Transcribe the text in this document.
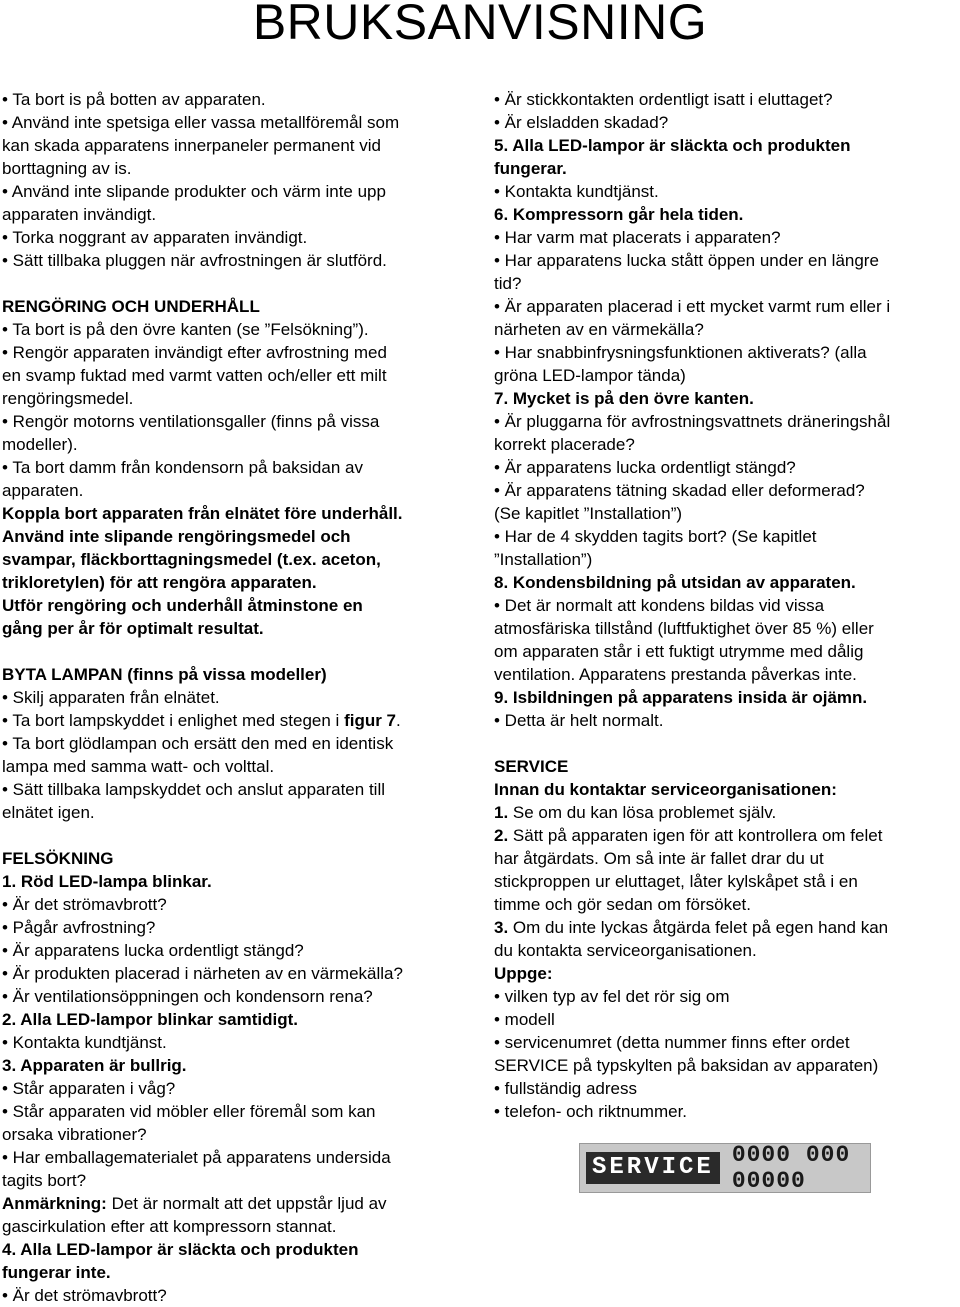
BRUKSANVISNING
• Ta bort is på botten av apparaten.
• Använd inte spetsiga eller vassa metallföremål som
kan skada apparatens innerpaneler permanent vid
borttagning av is.
• Använd inte slipande produkter och värm inte upp
apparaten invändigt.
• Torka noggrant av apparaten invändigt.
• Sätt tillbaka pluggen när avfrostningen är slutförd.
RENGÖRING OCH UNDERHÅLL
• Ta bort is på den övre kanten (se ”Felsökning”).
• Rengör apparaten invändigt efter avfrostning med
en svamp fuktad med varmt vatten och/eller ett milt
rengöringsmedel.
• Rengör motorns ventilationsgaller (finns på vissa
modeller).
• Ta bort damm från kondensorn på baksidan av
apparaten.
Koppla bort apparaten från elnätet före underhåll.
Använd inte slipande rengöringsmedel och
svampar, fläckborttagningsmedel (t.ex. aceton,
trikloretylen) för att rengöra apparaten.
Utför rengöring och underhåll åtminstone en
gång per år för optimalt resultat.
BYTA LAMPAN (finns på vissa modeller)
• Skilj apparaten från elnätet.
• Ta bort lampskyddet i enlighet med stegen i figur 7.
• Ta bort glödlampan och ersätt den med en identisk
lampa med samma watt- och volttal.
• Sätt tillbaka lampskyddet och anslut apparaten till
elnätet igen.
FELSÖKNING
1. Röd LED-lampa blinkar.
• Är det strömavbrott?
• Pågår avfrostning?
• Är apparatens lucka ordentligt stängd?
• Är produkten placerad i närheten av en värmekälla?
• Är ventilationsöppningen och kondensorn rena?
2. Alla LED-lampor blinkar samtidigt.
• Kontakta kundtjänst.
3. Apparaten är bullrig.
• Står apparaten i våg?
• Står apparaten vid möbler eller föremål som kan
orsaka vibrationer?
• Har emballagematerialet på apparatens undersida
tagits bort?
Anmärkning: Det är normalt att det uppstår ljud av
gascirkulation efter att kompressorn stannat.
4. Alla LED-lampor är släckta och produkten
fungerar inte.
• Är det strömavbrott?
• Är stickkontakten ordentligt isatt i eluttaget?
• Är elsladden skadad?
5. Alla LED-lampor är släckta och produkten
fungerar.
• Kontakta kundtjänst.
6. Kompressorn går hela tiden.
• Har varm mat placerats i apparaten?
• Har apparatens lucka stått öppen under en längre
tid?
• Är apparaten placerad i ett mycket varmt rum eller i
närheten av en värmekälla?
• Har snabbinfrysningsfunktionen aktiverats? (alla
gröna LED-lampor tända)
7. Mycket is på den övre kanten.
• Är pluggarna för avfrostningsvattnets dräneringshål
korrekt placerade?
• Är apparatens lucka ordentligt stängd?
• Är apparatens tätning skadad eller deformerad?
(Se kapitlet ”Installation”)
• Har de 4 skydden tagits bort? (Se kapitlet
”Installation”)
8. Kondensbildning på utsidan av apparaten.
• Det är normalt att kondens bildas vid vissa
atmosfäriska tillstånd (luftfuktighet över 85 %) eller
om apparaten står i ett fuktigt utrymme med dålig
ventilation. Apparatens prestanda påverkas inte.
9. Isbildningen på apparatens insida är ojämn.
• Detta är helt normalt.
SERVICE
Innan du kontaktar serviceorganisationen:
1. Se om du kan lösa problemet själv.
2. Sätt på apparaten igen för att kontrollera om felet
har åtgärdats. Om så inte är fallet drar du ut
stickproppen ur eluttaget, låter kylskåpet stå i en
timme och gör sedan om försöket.
3. Om du inte lyckas åtgärda felet på egen hand kan
du kontakta serviceorganisationen.
Uppge:
• vilken typ av fel det rör sig om
• modell
• servicenumret (detta nummer finns efter ordet
SERVICE på typskylten på baksidan av apparaten)
• fullständig adress
• telefon- och riktnummer.
SERVICE 0000 000 00000
